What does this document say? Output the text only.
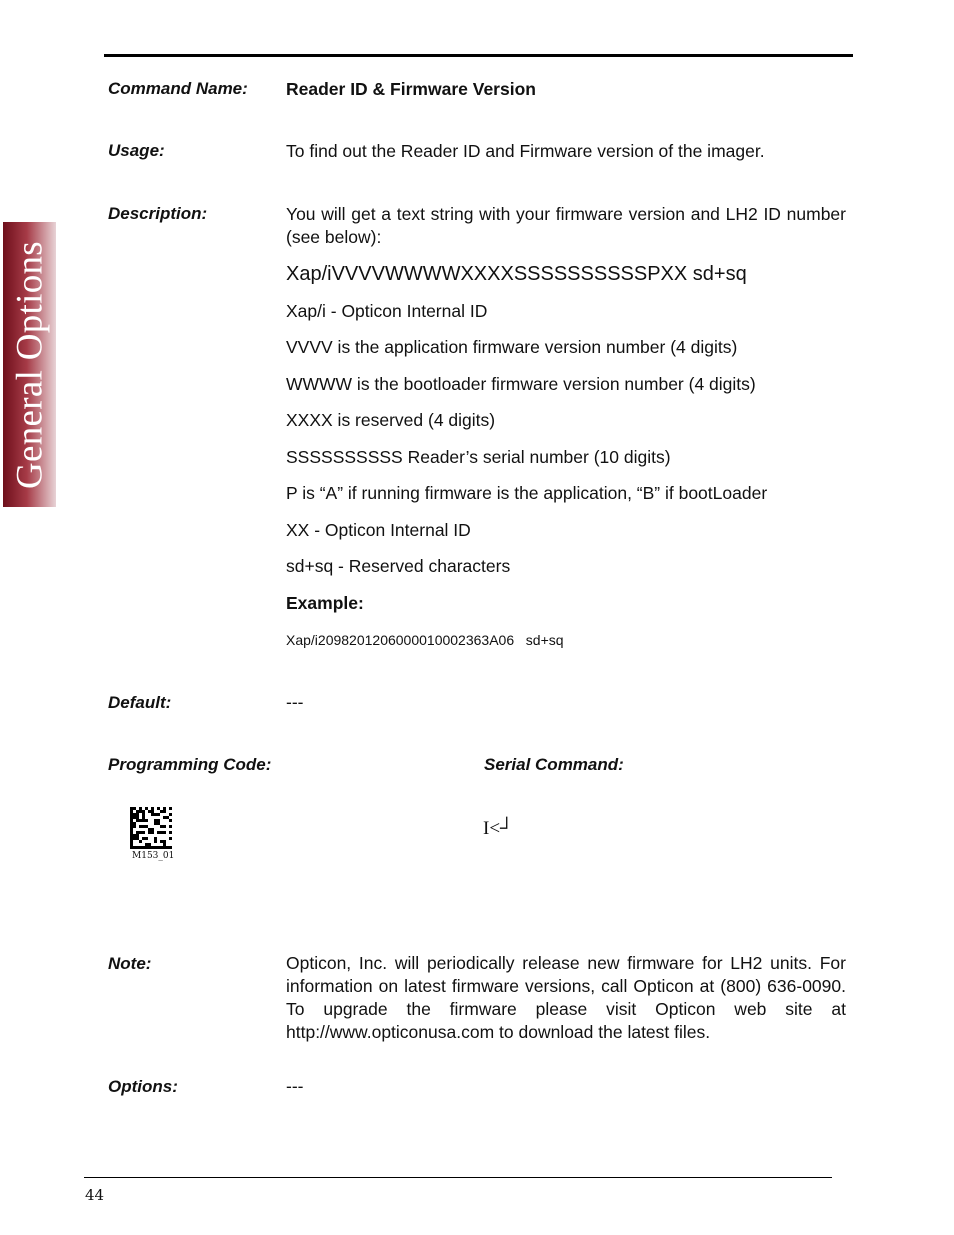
General Options
Command Name: Reader ID & Firmware Version
Usage:	To find out the Reader ID and Firmware version of the imager.
Description:	You will get a text string with your firmware version and LH2 ID number (see below):
Xap/iVVVVWWWWXXXXSSSSSSSSSSPXX sd+sq
Xap/i - Opticon Internal ID
VVVV is the application firmware version number (4 digits)
WWWW is the bootloader firmware version number (4 digits)
XXXX is reserved (4 digits)
SSSSSSSSSS Reader’s serial number (10 digits)
P is “A” if running firmware is the application, “B” if bootLoader
XX - Opticon Internal ID
sd+sq - Reserved characters
Example:
Xap/i20982012060000100023​63A06   sd+sq
Default:	---
Programming Code:	Serial Command:
M153_01
I<┘
Note:	Opticon, Inc. will periodically release new firmware for LH2 units. For information on latest firmware versions, call Opticon at (800) 636-0090. To upgrade the firmware please visit Opticon web site at http://www.opticonusa.com to download the latest files.
Options:	---
44
